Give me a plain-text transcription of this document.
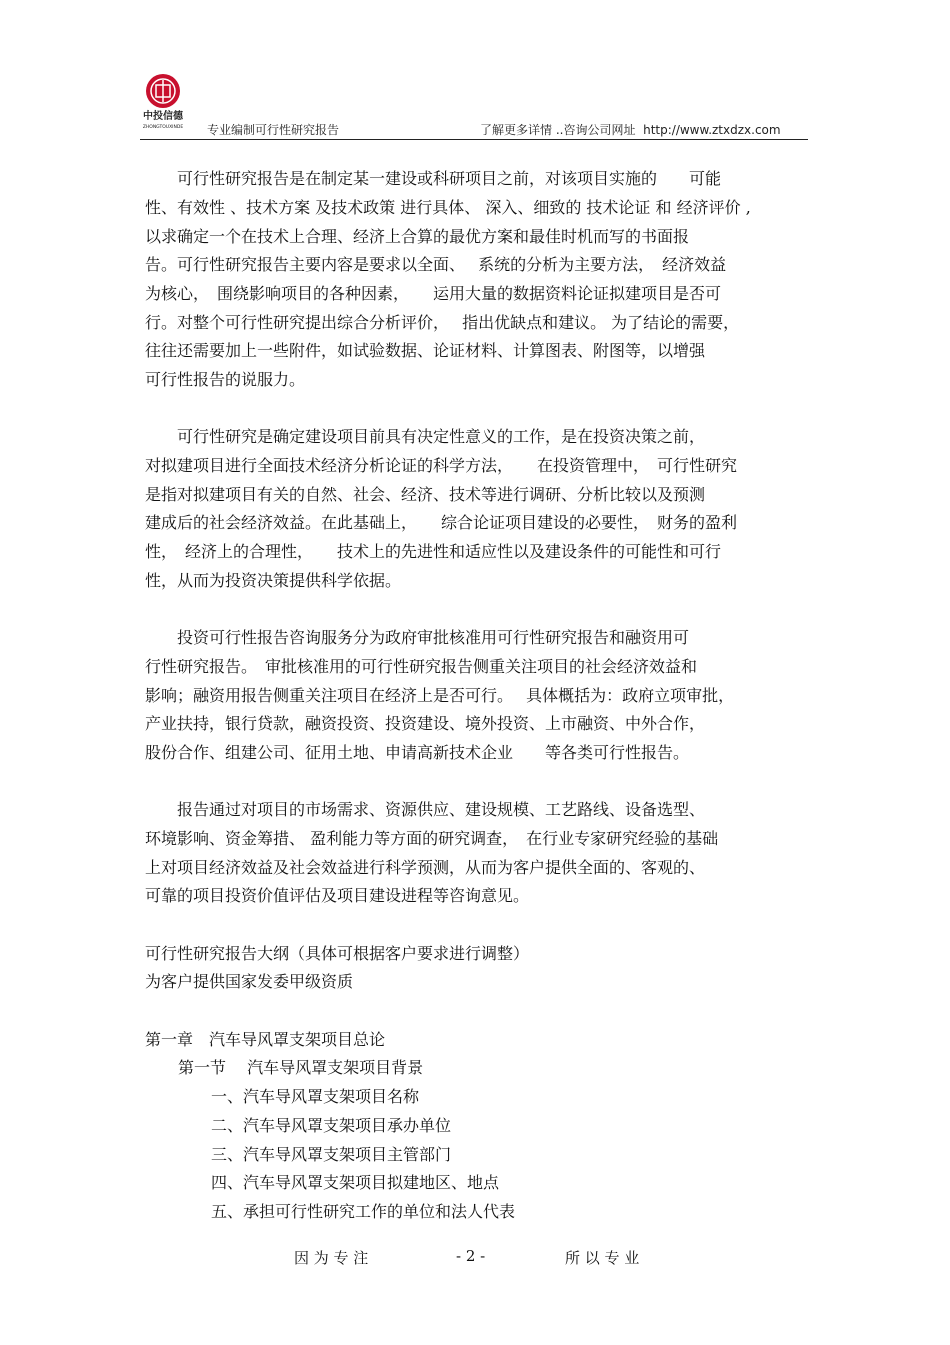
中投信德
ZHONGTOUXINDE 专业编制可行性研究报告	了解更多详情 ..咨询公司网址 http://www.ztxdzx.com
　　可行性研究报告是在制定某一建设或科研项目之前，对该项目实施的　　可能
性、有效性 、技术方案 及技术政策 进行具体、 深入、细致的 技术论证 和 经济评价 ,
以求确定一个在技术上合理、经济上合算的最优方案和最佳时机而写的书面报
告。可行性研究报告主要内容是要求以全面、　 系统的分析为主要方法，　经济效益
为核心，　围绕影响项目的各种因素，　　运用大量的数据资料论证拟建项目是否可
行。对整个可行性研究提出综合分析评价，　 指出优缺点和建议。 为了结论的需要，
往往还需要加上一些附件，如试验数据、论证材料、计算图表、附图等，以增强
可行性报告的说服力。
　　可行性研究是确定建设项目前具有决定性意义的工作，是在投资决策之前，
对拟建项目进行全面技术经济分析论证的科学方法，　　在投资管理中，　可行性研究
是指对拟建项目有关的自然、社会、经济、技术等进行调研、分析比较以及预测
建成后的社会经济效益。在此基础上，　　综合论证项目建设的必要性，　财务的盈利
性，　经济上的合理性，　　技术上的先进性和适应性以及建设条件的可能性和可行
性，从而为投资决策提供科学依据。
　　投资可行性报告咨询服务分为政府审批核准用可行性研究报告和融资用可
行性研究报告。　审批核准用的可行性研究报告侧重关注项目的社会经济效益和
影响；融资用报告侧重关注项目在经济上是否可行。　 具体概括为：政府立项审批，
产业扶持，银行贷款，融资投资、投资建设、境外投资、上市融资、中外合作，
股份合作、组建公司、征用土地、申请高新技术企业　　等各类可行性报告。
　　报告通过对项目的市场需求、资源供应、建设规模、工艺路线、设备选型、
环境影响、资金筹措、 盈利能力等方面的研究调查，　在行业专家研究经验的基础
上对项目经济效益及社会效益进行科学预测，从而为客户提供全面的、客观的、
可靠的项目投资价值评估及项目建设进程等咨询意见。
可行性研究报告大纲（具体可根据客户要求进行调整）
为客户提供国家发委甲级资质
第一章　汽车导风罩支架项目总论
第一节　 汽车导风罩支架项目背景
一、汽车导风罩支架项目名称
二、汽车导风罩支架项目承办单位
三、汽车导风罩支架项目主管部门
四、汽车导风罩支架项目拟建地区、地点
五、承担可行性研究工作的单位和法人代表
因 为 专 注	- 2 -	所 以 专 业
